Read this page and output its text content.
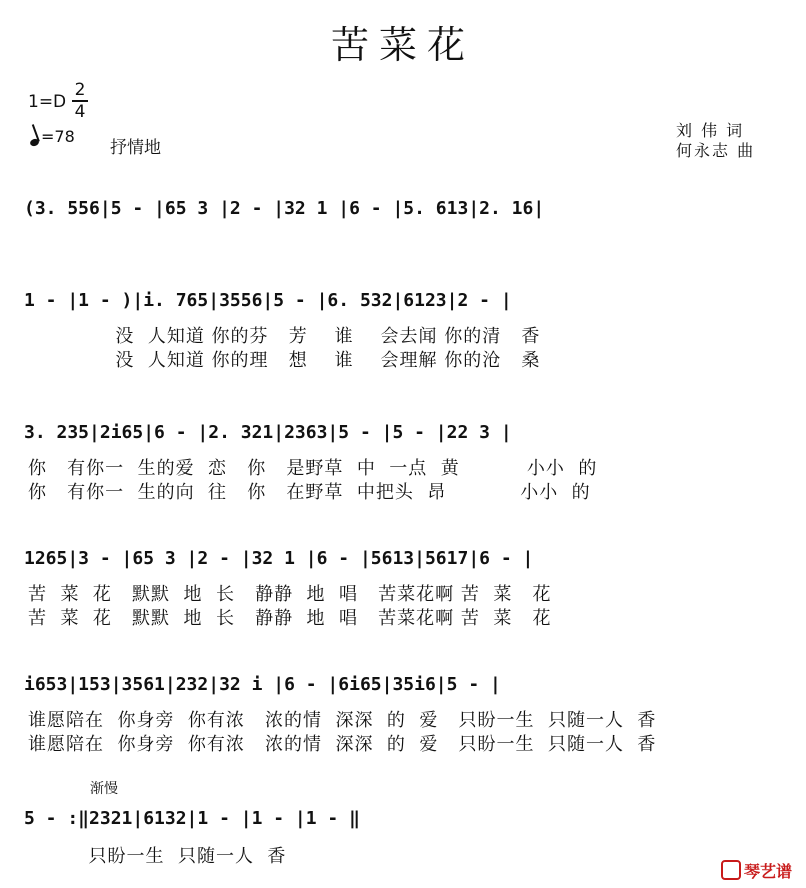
苦菜花
1=D
2
4
=78
抒情地
刘 伟 词
何永志 曲
(3. 556|5 - |65 3 |2 - |32 1 |6 - |5. 613|2. 16|
1 - |1 - )|i. 765|3556|5 - |6. 532|6123|2 - |
没  人知道 你的芬   芳    谁    会去闻 你的清   香
没  人知道 你的理   想    谁    会理解 你的沧   桑
3. 235|2i65|6 - |2. 321|2363|5 - |5 - |22 3 |
你   有你一  生的爱  恋   你   是野草  中  一点  黄          小小  的
你   有你一  生的向  往   你   在野草  中把头  昂           小小  的
1265|3 - |65 3 |2 - |32 1 |6 - |5613|5617|6 - |
苦  菜  花   默默  地  长   静静  地  唱   苦菜花啊 苦  菜   花
苦  菜  花   默默  地  长   静静  地  唱   苦菜花啊 苦  菜   花
i653|153|3561|232|32 i |6 - |6i65|35i6|5 - |
谁愿陪在  你身旁  你有浓   浓的情  深深  的  爱   只盼一生  只随一人  香
谁愿陪在  你身旁  你有浓   浓的情  深深  的  爱   只盼一生  只随一人  香
渐慢
5 - :‖2321|6132|1 - |1 - |1 - ‖
只盼一生  只随一人  香
琴艺谱
